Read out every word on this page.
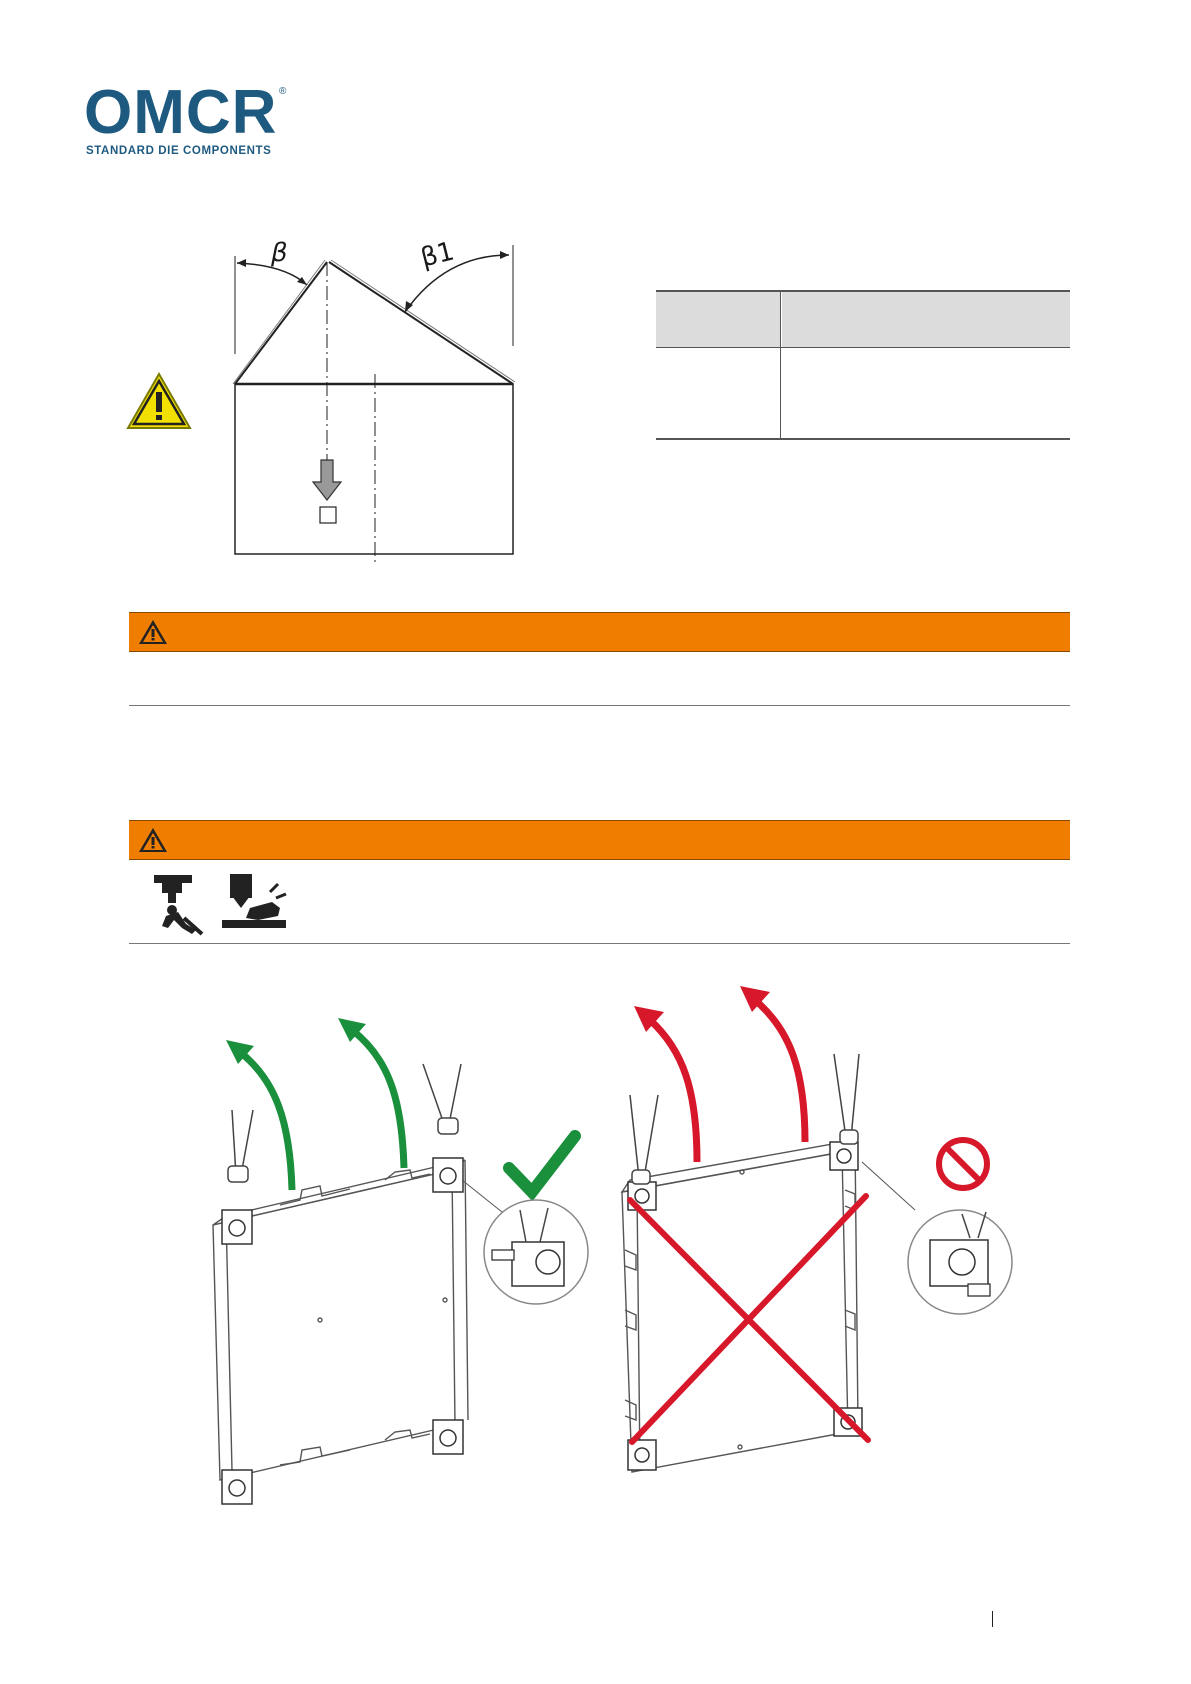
OMCR ®
STANDARD DIE COMPONENTS
β	β1
